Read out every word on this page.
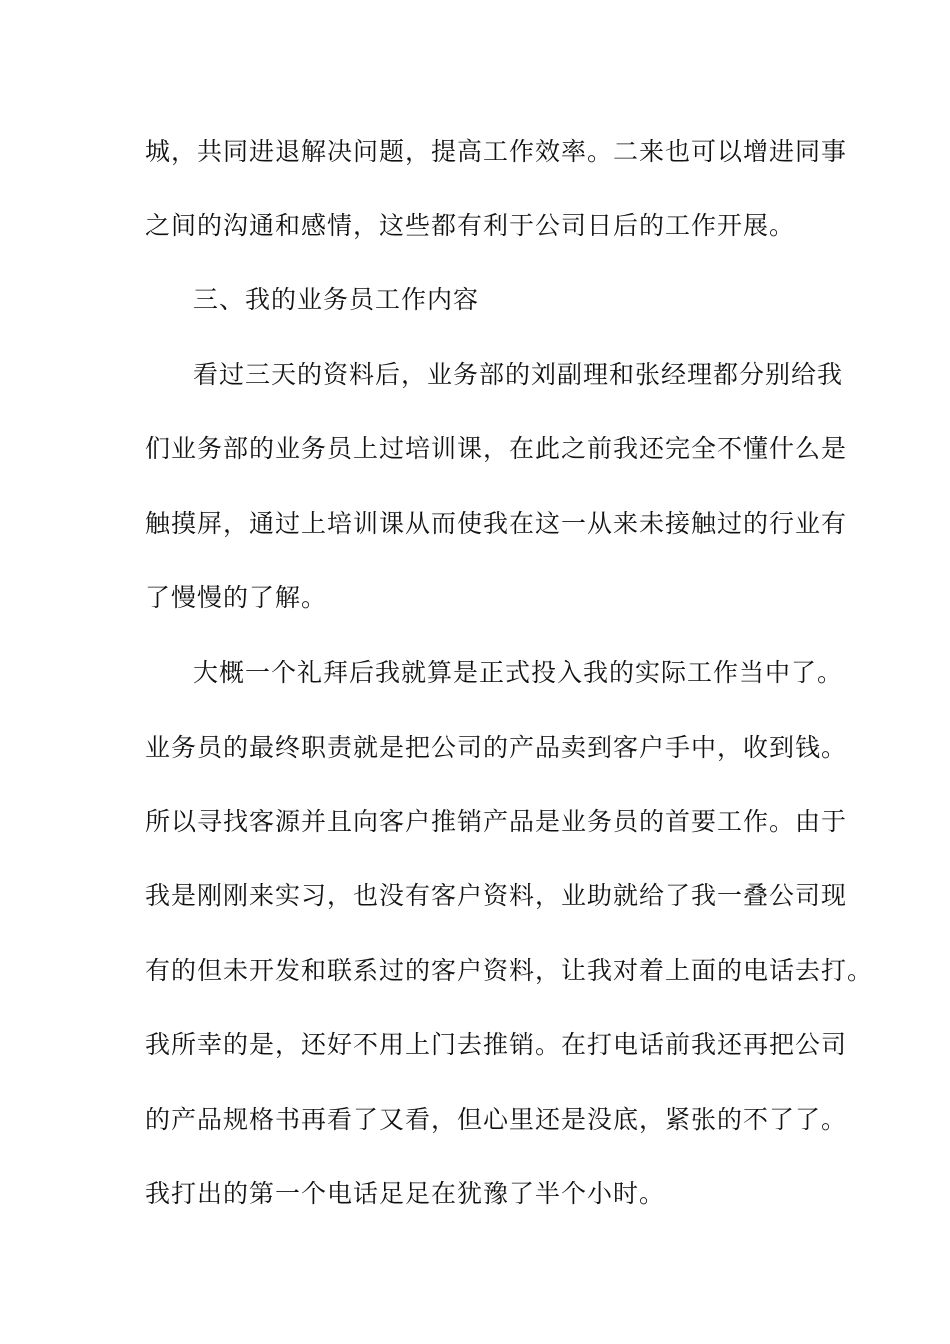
城，共同进退解决问题，提高工作效率。二来也可以增进同事
之间的沟通和感情，这些都有利于公司日后的工作开展。
三、我的业务员工作内容
看过三天的资料后，业务部的刘副理和张经理都分别给我
们业务部的业务员上过培训课，在此之前我还完全不懂什么是
触摸屏，通过上培训课从而使我在这一从来未接触过的行业有
了慢慢的了解。
大概一个礼拜后我就算是正式投入我的实际工作当中了。
业务员的最终职责就是把公司的产品卖到客户手中，收到钱。
所以寻找客源并且向客户推销产品是业务员的首要工作。由于
我是刚刚来实习，也没有客户资料，业助就给了我一叠公司现
有的但未开发和联系过的客户资料，让我对着上面的电话去打。
我所幸的是，还好不用上门去推销。在打电话前我还再把公司
的产品规格书再看了又看，但心里还是没底，紧张的不了了。
我打出的第一个电话足足在犹豫了半个小时。
